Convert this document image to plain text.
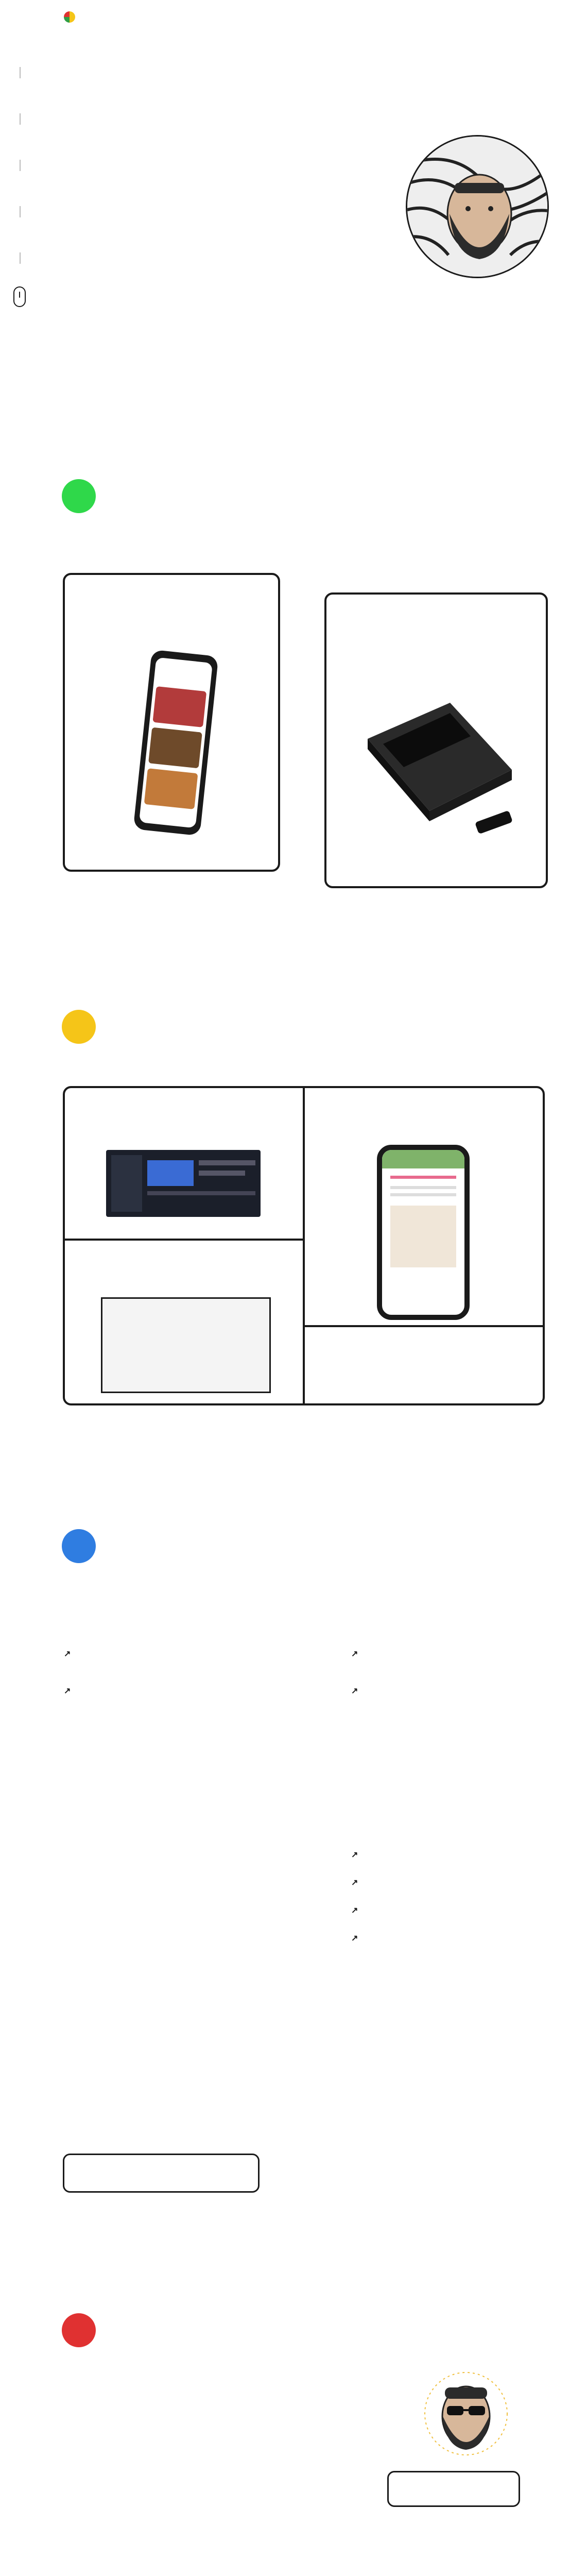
↗
↗
↗
↗
↗
↗
↗
↗
